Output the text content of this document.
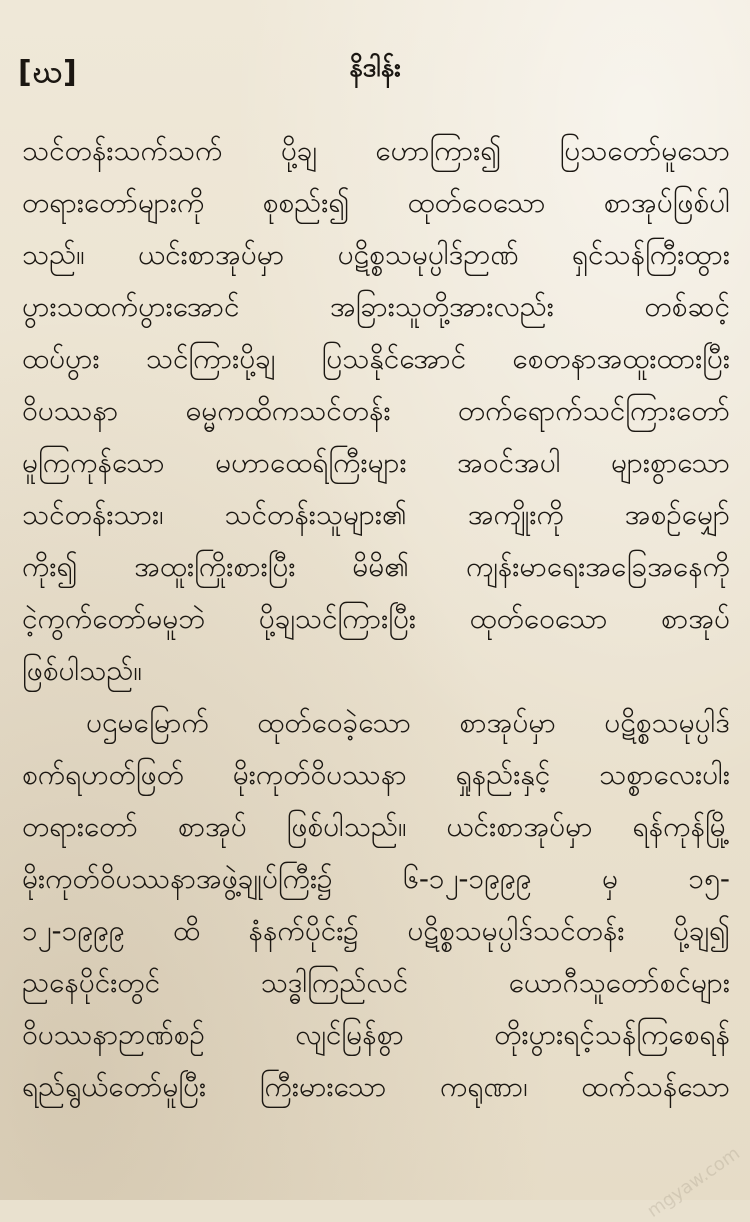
[ဃ]	နိဒါန်း
သင်တန်းသက်သက် ပို့ချ ဟောကြား၍ ပြသတော်မူသော
တရားတော်များကို စုစည်း၍ ထုတ်ဝေသော စာအုပ်ဖြစ်ပါ
သည်။ ယင်းစာအုပ်မှာ ပဋိစ္စသမုပ္ပါဒ်ဉာဏ် ရှင်သန်ကြီးထွား
ပွားသထက်ပွားအောင် အခြားသူတို့အားလည်း တစ်ဆင့်
ထပ်ပွား သင်ကြားပို့ချ ပြသနိုင်အောင် စေတနာအထူးထားပြီး
ဝိပဿနာ ဓမ္မကထိကသင်တန်း တက်ရောက်သင်ကြားတော်
မူကြကုန်သော မဟာထေရ်ကြီးများ အဝင်အပါ များစွာသော
သင်တန်းသား၊ သင်တန်းသူများ၏ အကျိုးကို အစဉ်မျှော်
ကိုး၍ အထူးကြိုးစားပြီး မိမိ၏ ကျန်းမာရေးအခြေအနေကို
ငဲ့ကွက်တော်မမူဘဲ ပို့ချသင်ကြားပြီး ထုတ်ဝေသော စာအုပ်
ဖြစ်ပါသည်။
ပဌမမြောက် ထုတ်ဝေခဲ့သော စာအုပ်မှာ ပဋိစ္စသမုပ္ပါဒ်
စက်ရဟတ်ဖြတ် မိုးကုတ်ဝိပဿနာ ရှုနည်းနှင့် သစ္စာလေးပါး
တရားတော် စာအုပ် ဖြစ်ပါသည်။ ယင်းစာအုပ်မှာ ရန်ကုန်မြို့
မိုးကုတ်ဝိပဿနာအဖွဲ့ချုပ်ကြီး၌ ၆-၁၂-၁၉၉၉ မှ ၁၅-
၁၂-၁၉၉၉ ထိ နံနက်ပိုင်း၌ ပဋိစ္စသမုပ္ပါဒ်သင်တန်း ပို့ချ၍
ညနေပိုင်းတွင် သဒ္ဓါကြည်လင် ယောဂီသူတော်စင်များ
ဝိပဿနာဉာဏ်စဉ် လျင်မြန်စွာ တိုးပွားရင့်သန်ကြစေရန်
ရည်ရွယ်တော်မူပြီး ကြီးမားသော ကရုဏာ၊ ထက်သန်သော
mgyaw.com
